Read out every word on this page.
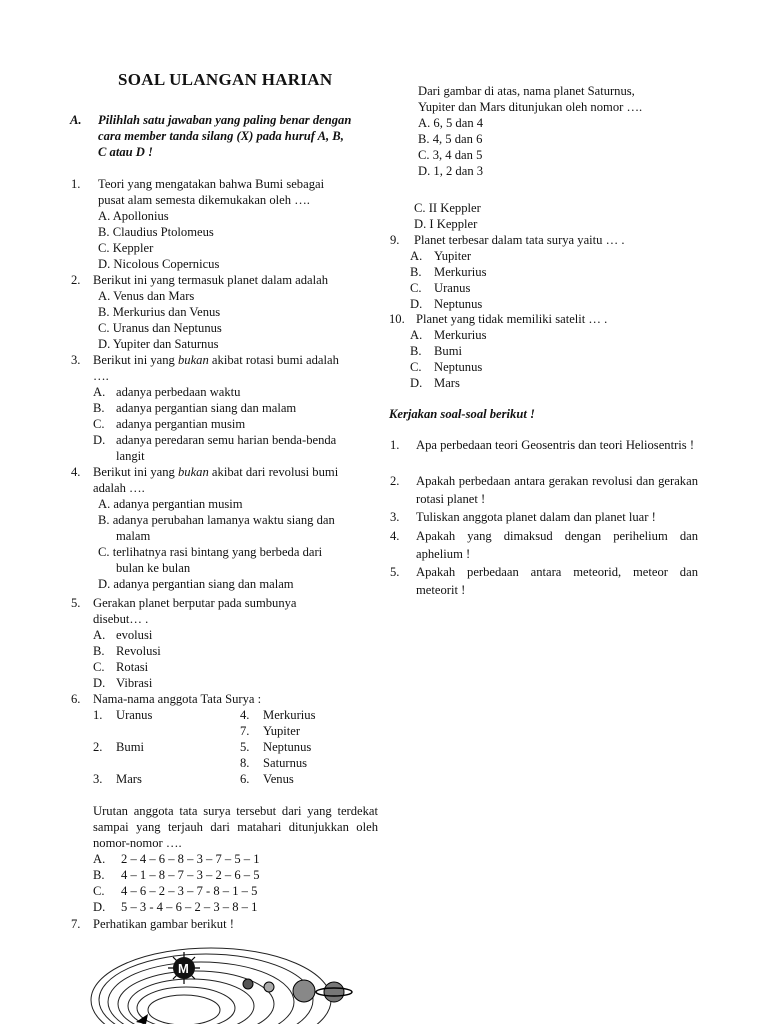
SOAL ULANGAN HARIAN
A. Pilihlah satu jawaban yang paling benar dengan
cara member tanda silang (X) pada huruf A, B,
C atau D !
1. Teori yang mengatakan bahwa Bumi sebagai
pusat alam semesta dikemukakan oleh ….
A. Apollonius
B. Claudius Ptolomeus
C. Keppler
D. Nicolous Copernicus
2. Berikut ini yang termasuk planet dalam adalah
A. Venus dan Mars
B. Merkurius dan Venus
C. Uranus dan Neptunus
D. Yupiter dan Saturnus
3. Berikut ini yang bukan akibat rotasi bumi adalah
….
A. adanya perbedaan waktu
B. adanya pergantian siang dan malam
C. adanya pergantian musim
D. adanya peredaran semu harian benda-benda
langit
4. Berikut ini yang bukan akibat dari revolusi bumi
adalah ….
A. adanya pergantian musim
B. adanya perubahan lamanya waktu siang dan
malam
C. terlihatnya rasi bintang yang berbeda dari
bulan ke bulan
D. adanya pergantian siang dan malam
5. Gerakan planet berputar pada sumbunya
disebut… .
A. evolusi
B. Revolusi
C. Rotasi
D. Vibrasi
6. Nama-nama anggota Tata Surya :
1. Uranus
2. Bumi
3. Mars
4. Merkurius
7. Yupiter
5. Neptunus
8. Saturnus
6. Venus
Urutan anggota tata surya tersebut dari yang terdekat sampai yang terjauh dari matahari ditunjukkan oleh nomor-nomor ….
A. 2 – 4 – 6 – 8 – 3 – 7 – 5 – 1
B. 4 – 1 – 8 – 7 – 3 – 2 – 6 – 5
C. 4 – 6 – 2 – 3 – 7 - 8 – 1 – 5
D. 5 – 3 - 4 – 6 – 2 – 3 – 8 – 1
7. Perhatikan gambar berikut !
M
Dari gambar di atas, nama planet Saturnus,
Yupiter dan Mars ditunjukan oleh nomor ….
A. 6, 5 dan 4
B. 4, 5 dan 6
C. 3, 4 dan 5
D. 1, 2 dan 3
C. II Keppler
D. I Keppler
9. Planet terbesar dalam tata surya yaitu … .
A. Yupiter
B. Merkurius
C. Uranus
D. Neptunus
10. Planet yang tidak memiliki satelit … .
A. Merkurius
B. Bumi
C. Neptunus
D. Mars
Kerjakan soal-soal berikut !
1. Apa perbedaan teori Geosentris dan teori Heliosentris !
2. Apakah perbedaan antara gerakan revolusi dan gerakan rotasi planet !
3. Tuliskan anggota planet dalam dan planet luar !
4. Apakah yang dimaksud dengan perihelium dan aphelium !
5. Apakah perbedaan antara meteorid, meteor dan meteorit !
